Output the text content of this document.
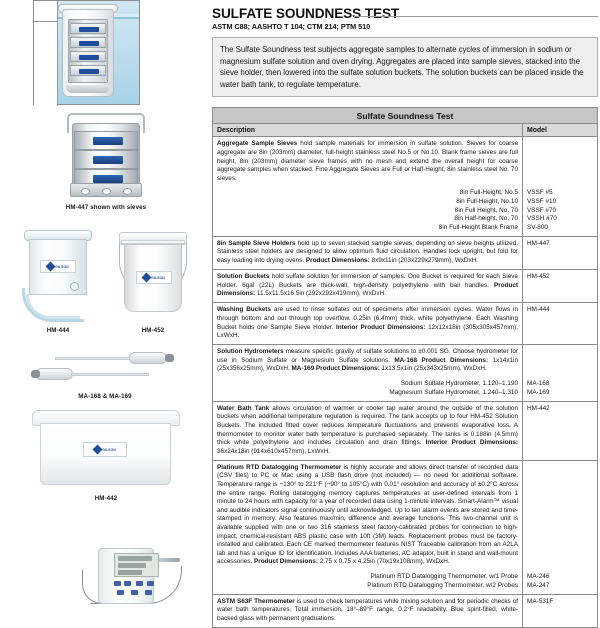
HM-447 shown with sieves
GILSON
HM-444
GILSON
HM-452
MA-168 & MA-169
GILSON
HM-442
SULFATE SOUNDNESS TEST
ASTM C88; AASHTO T 104; CTM 214; PTM 510
The Sulfate Soundness test subjects aggregate samples to alternate cycles of immersion in sodium or magnesium sulfate solution and oven drying. Aggregates are placed into sample sieves, stacked into the sieve holder, then lowered into the sulfate solution buckets. The solution buckets can be placed inside the water bath tank, to regulate temperature.
Sulfate Soundness Test
Description	Model
Aggregate Sample Sieves hold sample materials for immersion in sulfate solution. Sieves for coarse aggregate are 8in (203mm) diameter, full-height stainless steel No.5 or No.10. Blank frame sieves are full height, 8in (203mm) diameter sieve frames with no mesh and extend the overall height for coarse aggregate samples when stacked. Fine Aggregate Sieves are Full or Half-Height, 8in stainless steel No. 70 sieves.
8in Full-Height, No.5
8in Full-Height, No.10
8in Full Height, No. 70
8in Half-height, No. 70
8in Full-Height Blank Frame
VSSF #5
VSSF #10
VSSF #70
VSSH #70
SV-800
8in Sample Sieve Holders hold up to seven stacked sample sieves, depending on sieve heights utilized. Stainless steel holders are designed to allow optimum fluid circulation. Handles lock upright, but fold for easy loading into drying ovens. Product Dimensions: 8x9x11in (203x229x279mm), WxDxH.
HM-447
Solution Buckets hold sulfate solution for immersion of samples. One Bucket is required for each Sieve Holder. 6gal (22L) Buckets are thick-wall, high-density polyethylene with bail handles. Product Dimensions: 11.5x11.5x16.5in (292x292x419mm), WxDxH.
HM-452
Washing Buckets are used to rinse sulfates out of specimens after immersion cycles. Water flows in through bottom and out through top overflow. 0.25in (6.4mm) thick, white polyethylene. Each Washing Bucket holds one Sample Sieve Holder. Interior Product Dimensions: 12x12x18in (305x305x457mm), LxWxH.
HM-444
Solution Hydrometers measure specific gravity of sulfate solutions to ±0.001 SG. Choose hydrometer for use in Sodium Sulfate or Magnesium Sulfate solutions. MA-168 Product Dimensions: 1x14x1in (25x356x25mm), WxDxH. MA-169 Product Dimensions: 1x13.5x1in (25x343x25mm), WxDxH.
Sodium Sulfate Hydrometer, 1.120–1.190
Magnesium Sulfate Hydrometer, 1.240–1.310
MA-168
MA-169
Water Bath Tank allows circulation of warmer or cooler tap water around the outside of the solution buckets when additional temperature regulation is required. The tank accepts up to four HM-452 Solution Buckets. The included fitted cover reduces temperature fluctuations and prevents evaporative loss. A thermometer to monitor water bath temperature is purchased separately. The tanks is 0.188in (4.5mm) thick white polyethylene and includes circulation and drain fittings. Interior Product Dimensions: 36x24x18in (914x610x457mm), LxWxH.
HM-442
Platinum RTD Datalogging Thermometer is highly accurate and allows direct transfer of recorded data (CSV files) to PC or Mac using a USB flash drive (not included) — no need for additional software. Temperature range is −130° to 221°F (−90° to 105°C) with 0.01° resolution and accuracy of ±0.2°C across the entire range. Rolling datalogging memory captures temperatures at user-defined intervals from 1 minute to 24 hours with capacity for a year of recorded data using 1-minute intervals. Smart-Alarm™ visual and audible indicators signal continuously until acknowledged. Up to ten alarm events are stored and time-stamped in memory. Also features max/min, difference and average functions. This two-channel unit is available supplied with one or two 316 stainless steel factory-calibrated probes for connection to high-impact, chemical-resistant ABS plastic case with 10ft (3M) leads. Replacement probes must be factory-installed and calibrated. Each CE marked thermometer features NIST Traceable calibration from an A2LA lab and has a unique ID for identification. Includes AAA batteries, AC adaptor, built in stand and wall-mount accessories. Product Dimensions: 2.75 x 0.75 x 4.25in (70x19x108mm), WxDxH.
Platinum RTD Datalogging Thermometer, w/1 Probe
Platinum RTD Datalogging Thermometer, w/2 Probes
MA-246
MA-247
ASTM S63F Thermometer is used to check temperatures while mixing solution and for periodic checks of water bath temperatures. Total immersion, 18°–89°F range, 0.2°F readability. Blue spirit-filled, white-backed glass with permanent graduations.
MA-531F
